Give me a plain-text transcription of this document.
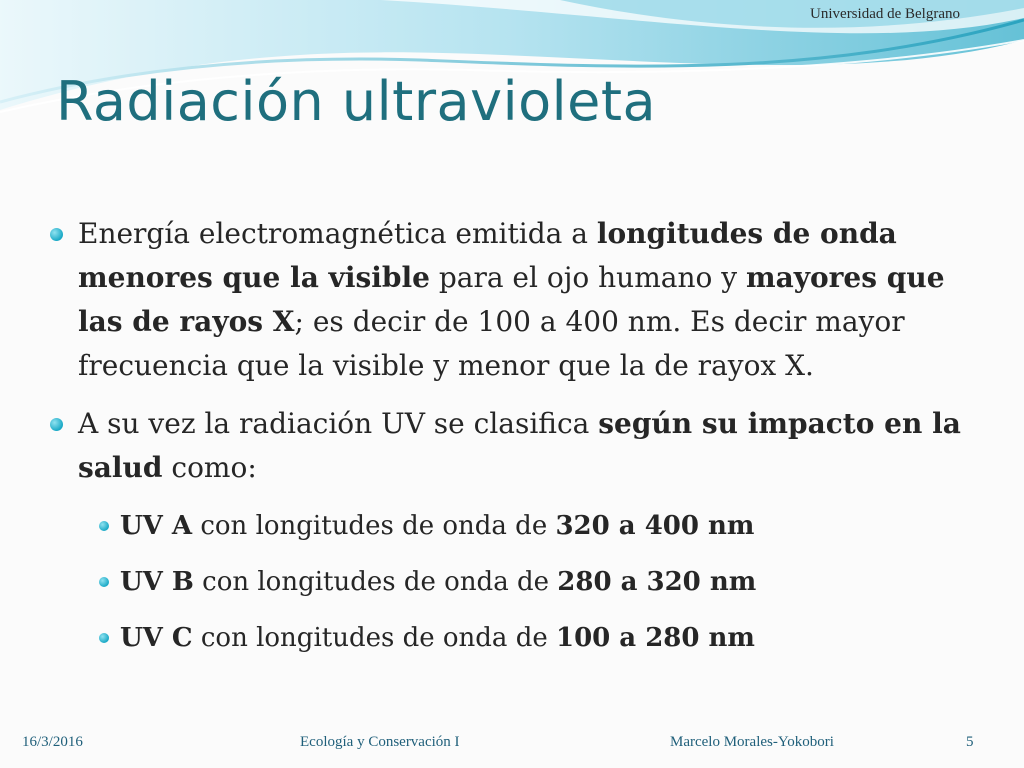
Universidad de Belgrano
Radiación ultravioleta
Energía electromagnética emitida a longitudes de onda menores que la visible para el ojo humano y mayores que las de rayos X; es decir de 100 a 400 nm. Es decir mayor frecuencia que la visible y menor que la de rayox X.
A su vez la radiación UV se clasifica según su impacto en la salud como:
UV A con longitudes de onda de 320 a 400 nm
UV B con longitudes de onda de 280 a 320 nm
UV C con longitudes de onda de 100 a 280 nm
16/3/2016	Ecología y Conservación I	Marcelo Morales-Yokobori	5
